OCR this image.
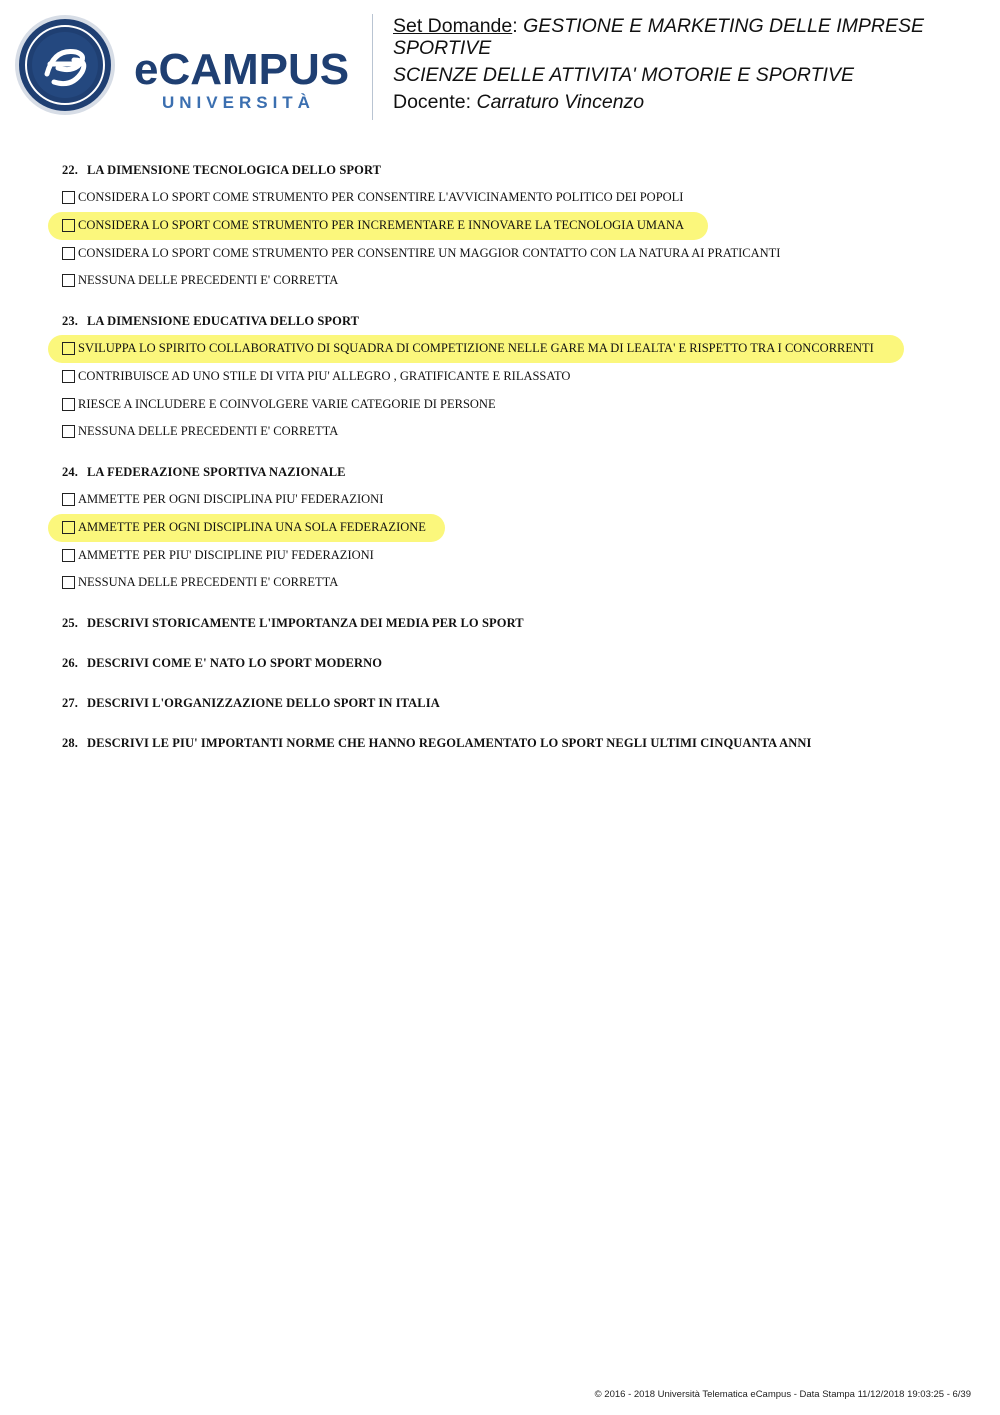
eCAMPUS
UNIVERSITÀ

Set Domande: GESTIONE E MARKETING DELLE IMPRESE
SPORTIVE

SCIENZE DELLE ATTIVITA' MOTORIE E SPORTIVE

Docente: Carraturo Vincenzo

22. LA DIMENSIONE TECNOLOGICA DELLO SPORT
CONSIDERA LO SPORT COME STRUMENTO PER CONSENTIRE L'AVVICINAMENTO POLITICO DEI POPOLI
CONSIDERA LO SPORT COME STRUMENTO PER INCREMENTARE E INNOVARE LA TECNOLOGIA UMANA
CONSIDERA LO SPORT COME STRUMENTO PER CONSENTIRE UN MAGGIOR CONTATTO CON LA NATURA AI PRATICANTI
NESSUNA DELLE PRECEDENTI E' CORRETTA
23. LA DIMENSIONE EDUCATIVA DELLO SPORT
SVILUPPA LO SPIRITO COLLABORATIVO DI SQUADRA DI COMPETIZIONE NELLE GARE MA DI LEALTA' E RISPETTO TRA I CONCORRENTI
CONTRIBUISCE AD UNO STILE DI VITA PIU' ALLEGRO , GRATIFICANTE E RILASSATO
RIESCE A INCLUDERE E COINVOLGERE VARIE CATEGORIE DI PERSONE
NESSUNA DELLE PRECEDENTI E' CORRETTA
24. LA FEDERAZIONE SPORTIVA NAZIONALE
AMMETTE PER OGNI DISCIPLINA PIU' FEDERAZIONI
AMMETTE PER OGNI DISCIPLINA UNA SOLA FEDERAZIONE
AMMETTE PER PIU' DISCIPLINE PIU' FEDERAZIONI
NESSUNA DELLE PRECEDENTI E' CORRETTA
25. DESCRIVI STORICAMENTE L'IMPORTANZA DEI MEDIA PER LO SPORT
26. DESCRIVI COME E' NATO LO SPORT MODERNO
27. DESCRIVI L'ORGANIZZAZIONE DELLO SPORT IN ITALIA
28. DESCRIVI LE PIU' IMPORTANTI NORME CHE HANNO REGOLAMENTATO LO SPORT NEGLI ULTIMI CINQUANTA ANNI
© 2016 - 2018 Università Telematica eCampus - Data Stampa 11/12/2018 19:03:25 - 6/39
